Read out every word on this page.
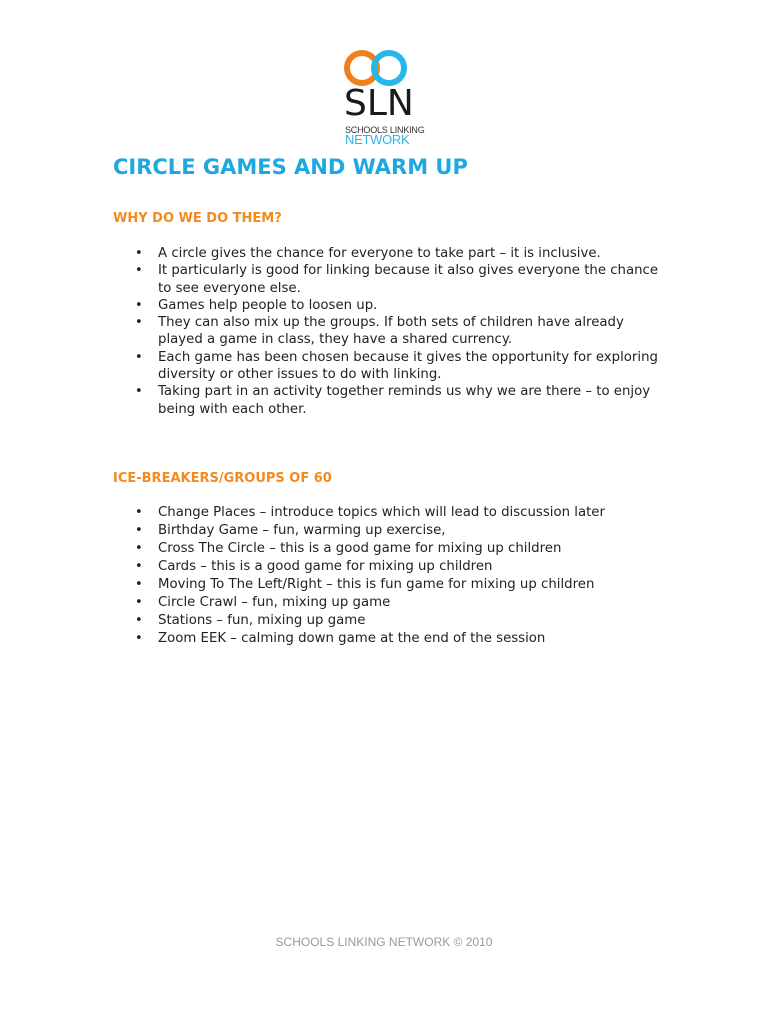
SLN
SCHOOLS LINKING
NETWORK
CIRCLE GAMES AND WARM UP
WHY DO WE DO THEM?
• A circle gives the chance for everyone to take part – it is inclusive.
• It particularly is good for linking because it also gives everyone the chance to see everyone else.
• Games help people to loosen up.
• They can also mix up the groups. If both sets of children have already played a game in class, they have a shared currency.
• Each game has been chosen because it gives the opportunity for exploring diversity or other issues to do with linking.
• Taking part in an activity together reminds us why we are there – to enjoy being with each other.
ICE-BREAKERS/GROUPS OF 60
• Change Places – introduce topics which will lead to discussion later
• Birthday Game – fun, warming up exercise,
• Cross The Circle – this is a good game for mixing up children
• Cards – this is a good game for mixing up children
• Moving To The Left/Right – this is fun game for mixing up children
• Circle Crawl – fun, mixing up game
• Stations – fun, mixing up game
• Zoom EEK – calming down game at the end of the session
SCHOOLS LINKING NETWORK © 2010
